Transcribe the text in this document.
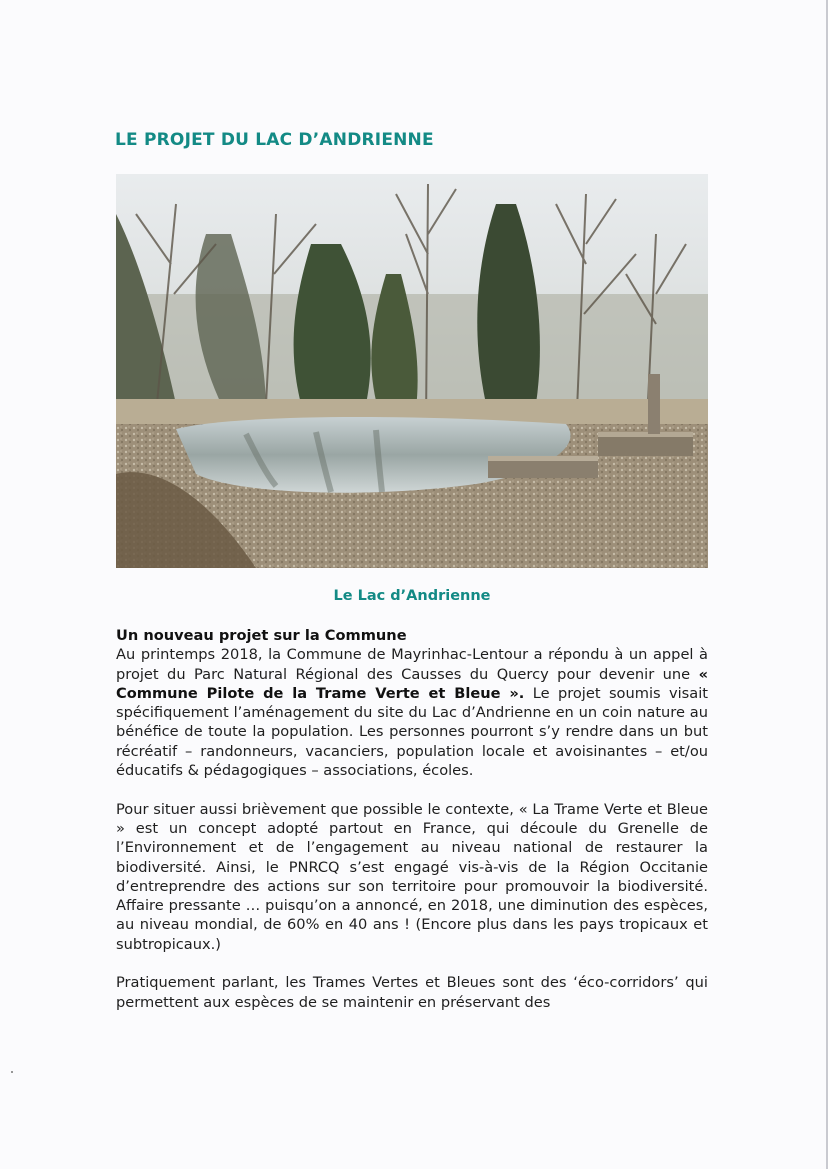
LE PROJET DU LAC D’ANDRIENNE

Le Lac d’Andrienne

Un nouveau projet sur la Commune

Au printemps 2018, la Commune de Mayrinhac-Lentour a répondu à un appel à projet du Parc Natural Régional des Causses du Quercy pour devenir une « Commune Pilote de la Trame Verte et Bleue ». Le projet soumis visait spécifiquement l’aménagement du site du Lac d’Andrienne en un coin nature au bénéfice de toute la population. Les personnes pourront s’y rendre dans un but récréatif – randonneurs, vacanciers, population locale et avoisinantes – et/ou éducatifs & pédagogiques – associations, écoles.

Pour situer aussi brièvement que possible le contexte, « La Trame Verte et Bleue » est un concept adopté partout en France, qui découle du Grenelle de l’Environnement et de l’engagement au niveau national de restaurer la biodiversité. Ainsi, le PNRCQ s’est engagé vis-à-vis de la Région Occitanie d’entreprendre des actions sur son territoire pour promouvoir la biodiversité. Affaire pressante … puisqu’on a annoncé, en 2018, une diminution des espèces, au niveau mondial, de 60% en 40 ans ! (Encore plus dans les pays tropicaux et subtropicaux.)

Pratiquement parlant, les Trames Vertes et Bleues sont des ‘éco-corridors’ qui permettent aux espèces de se maintenir en préservant des
